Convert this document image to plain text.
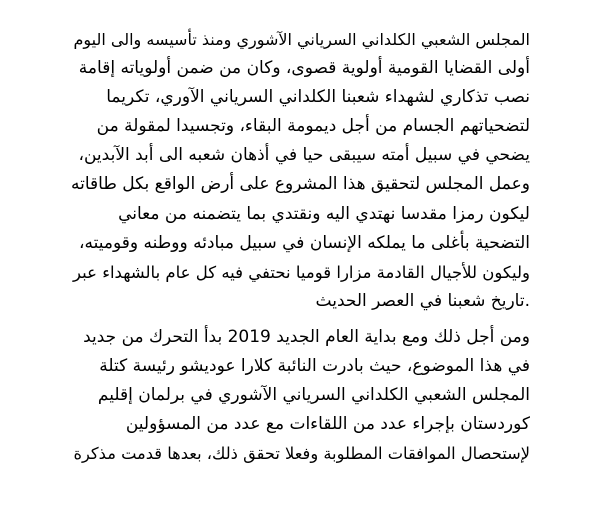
المجلس الشعبي الكلداني السرياني الآشوري ومنذ تأسيسه والى اليوم
أولى القضايا القومية أولوية قصوى، وكان من ضمن أولوياته إقامة
نصب تذكاري لشهداء شعبنا الكلداني السرياني الآوري، تكريما
لتضحياتهم الجسام من أجل ديمومة البقاء، وتجسيدا لمقولة من
يضحي في سبيل أمته سيبقى حيا في أذهان شعبه الى أبد الآبدين،
وعمل المجلس لتحقيق هذا المشروع على أرض الواقع بكل طاقاته
ليكون رمزا مقدسا نهتدي اليه ونقتدي بما يتضمنه من معاني
التضحية بأغلى ما يملكه الإنسان في سبيل مبادئه ووطنه وقوميته،
وليكون للأجيال القادمة مزارا قوميا نحتفي فيه كل عام بالشهداء عبر
.تاريخ شعبنا في العصر الحديث
ومن أجل ذلك ومع بداية العام الجديد 2019 بدأ التحرك من جديد
في هذا الموضوع، حيث بادرت النائبة كلارا عوديشو رئيسة كتلة
المجلس الشعبي الكلداني السرياني الآشوري في برلمان إقليم
كوردستان بإجراء عدد من اللقاءات مع عدد من المسؤولين
لإستحصال الموافقات المطلوبة وفعلا تحقق ذلك، بعدها قدمت مذكرة
